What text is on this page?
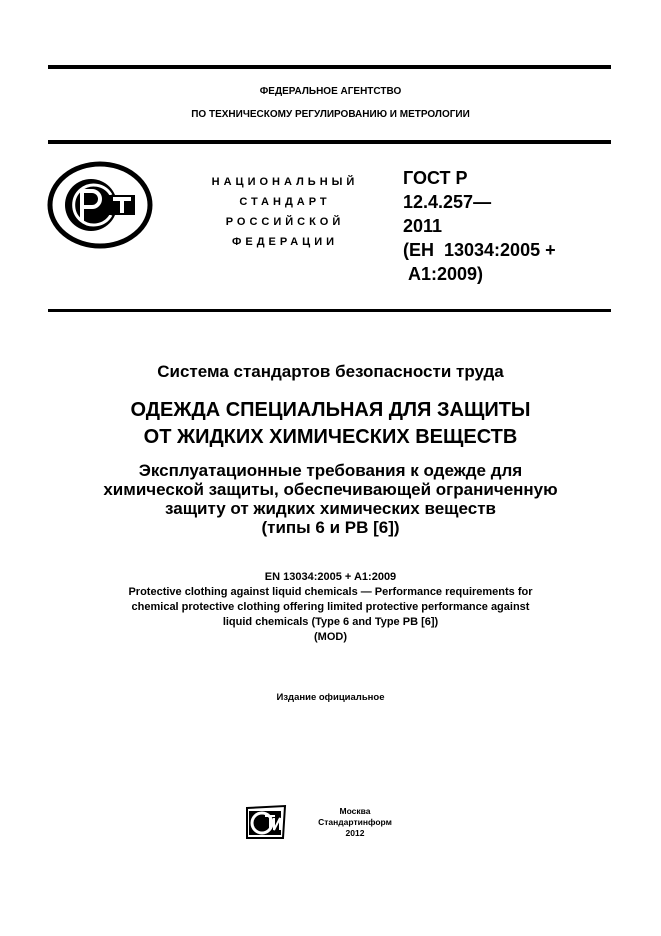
ФЕДЕРАЛЬНОЕ АГЕНТСТВО
ПО ТЕХНИЧЕСКОМУ РЕГУЛИРОВАНИЮ И МЕТРОЛОГИИ
НАЦИОНАЛЬНЫЙ
СТАНДАРТ
РОССИЙСКОЙ
ФЕДЕРАЦИИ
ГОСТ Р
12.4.257—
2011
(ЕН  13034:2005 +
А1:2009)
Система стандартов безопасности труда
ОДЕЖДА СПЕЦИАЛЬНАЯ ДЛЯ ЗАЩИТЫ
ОТ ЖИДКИХ ХИМИЧЕСКИХ ВЕЩЕСТВ
Эксплуатационные требования к одежде для
химической защиты, обеспечивающей ограниченную
защиту от жидких химических веществ
(типы 6 и РВ [6])
EN 13034:2005 + A1:2009
Protective clothing against liquid chemicals — Performance requirements for
chemical protective clothing offering limited protective performance against
liquid chemicals (Type 6 and Type PB [6])
(MOD)
Издание официальное
Москва
Стандартинформ
2012
